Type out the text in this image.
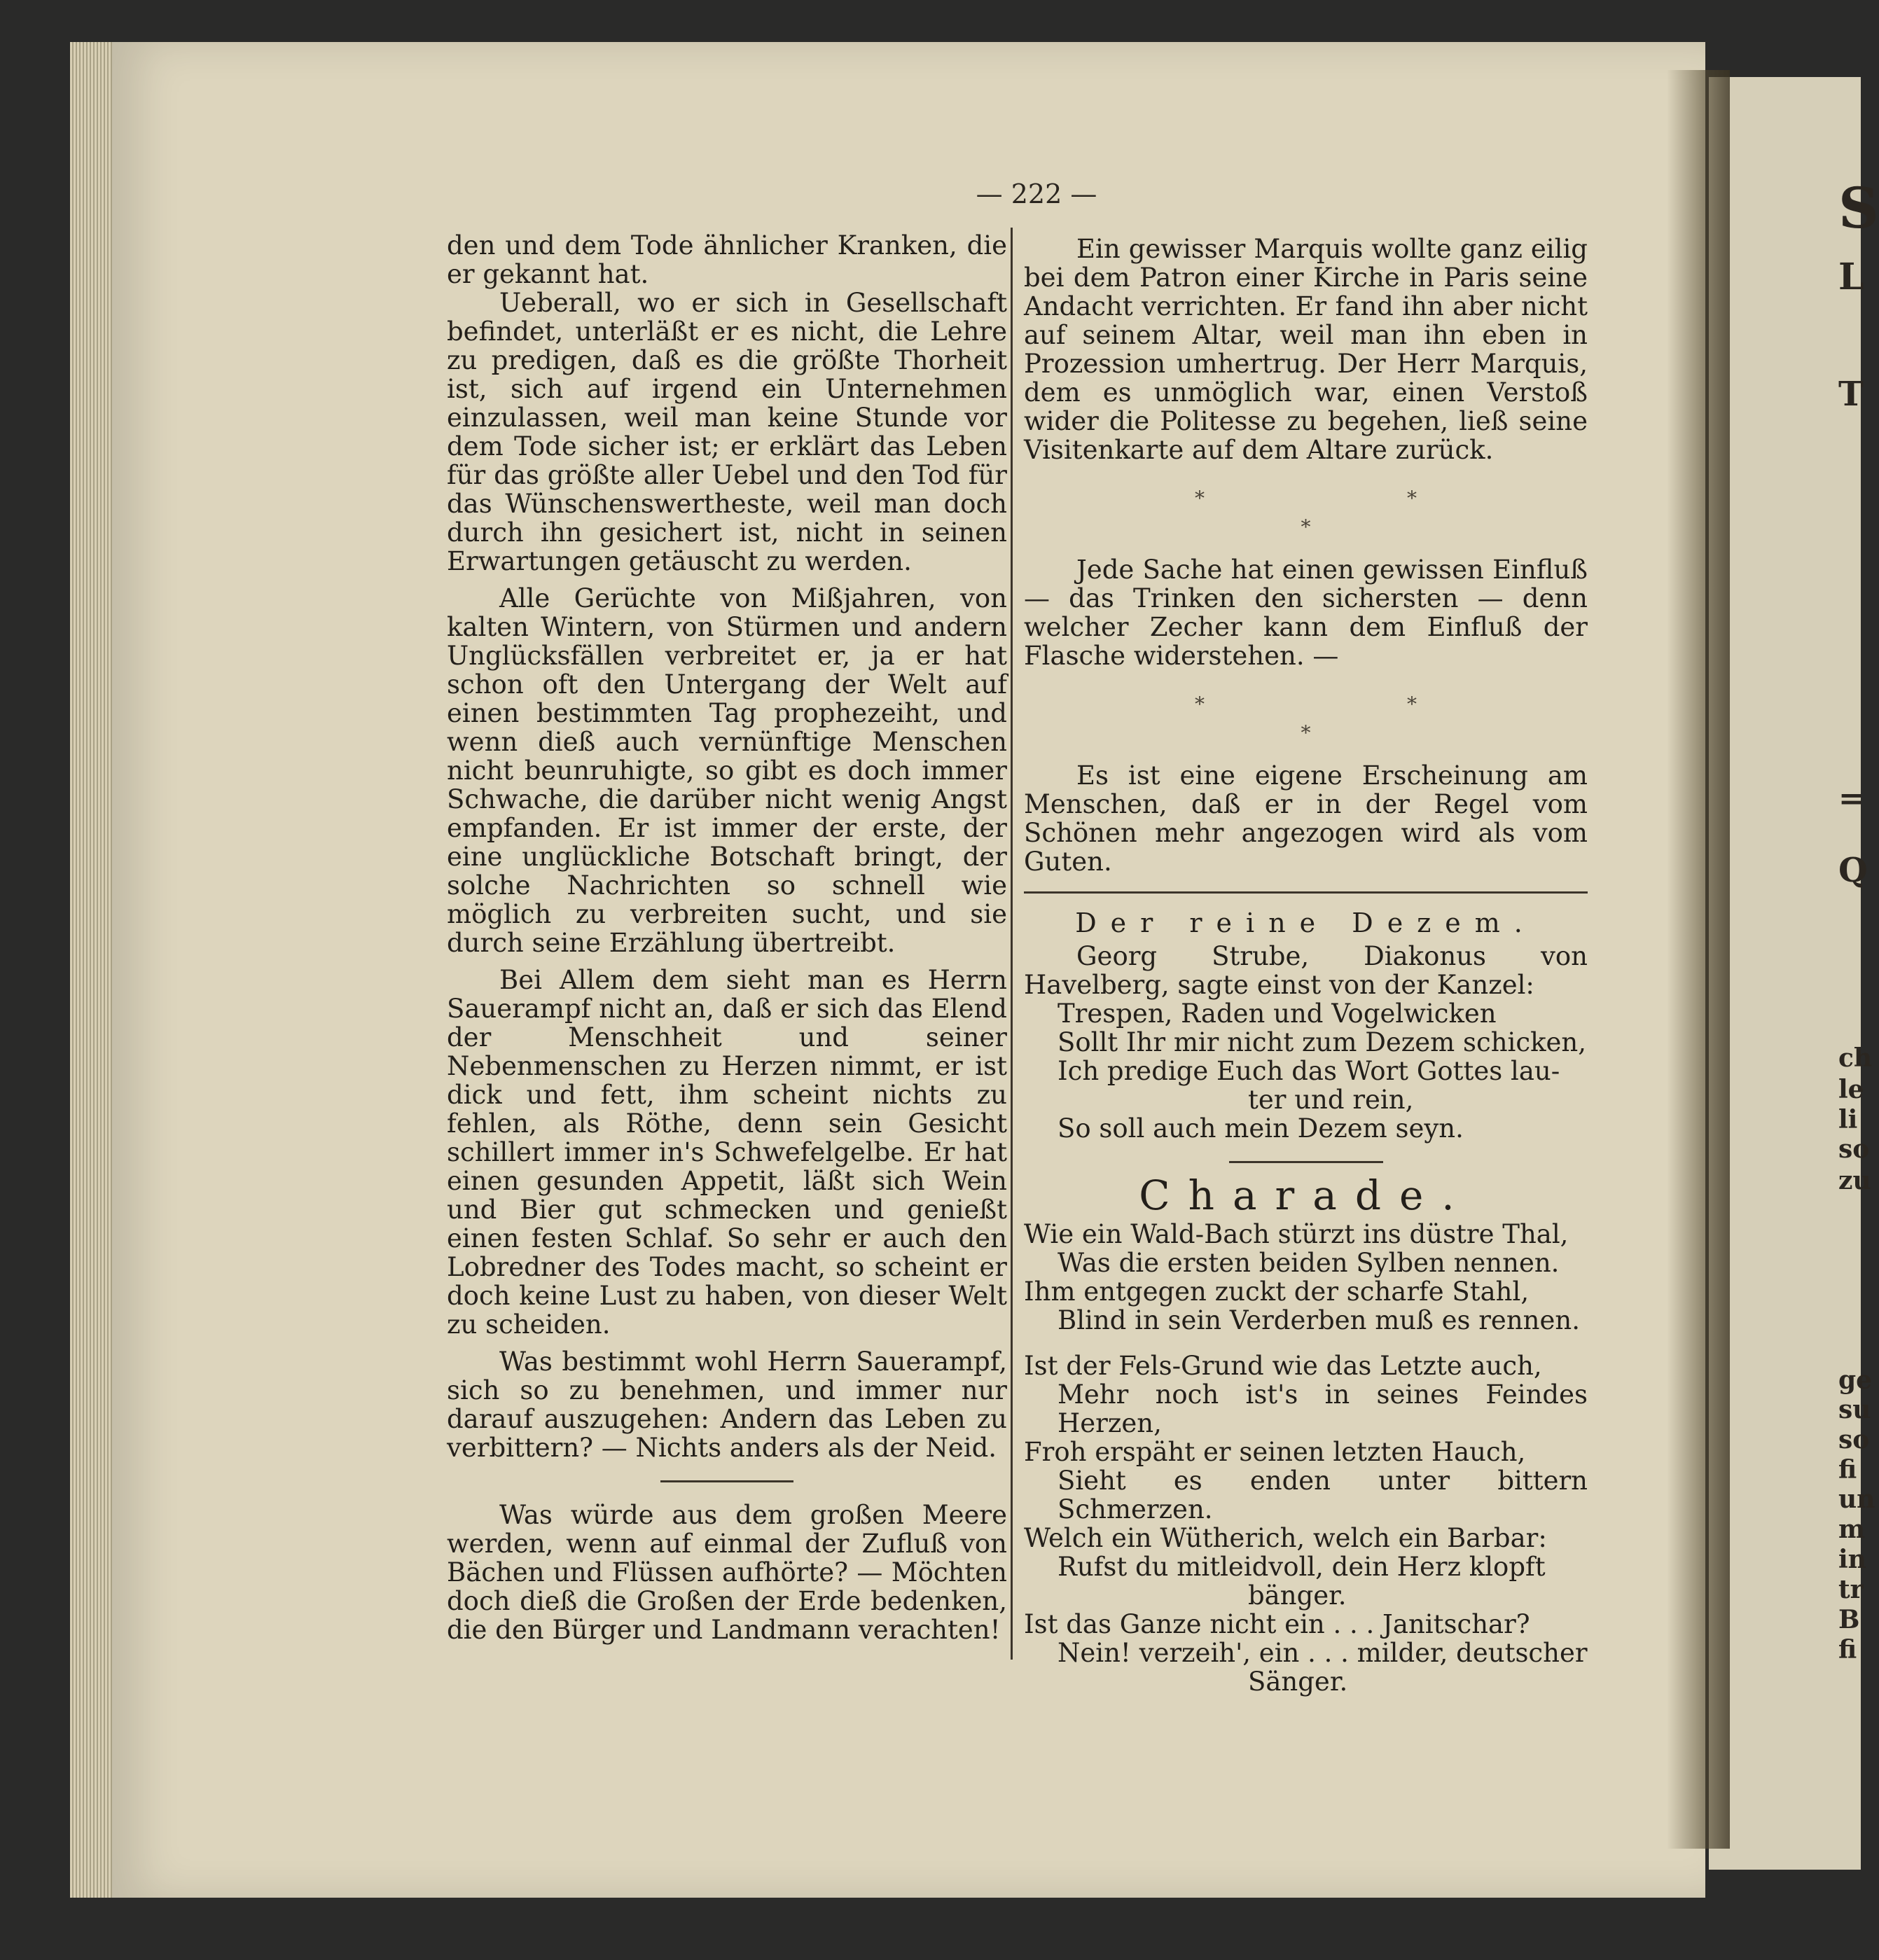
S
L
T
=
Q
ch
le
li
so
zu
ge
su
so
fi
un
m
in
tr
B
fi
— 222 —

den und dem Tode ähnlicher Kranken, die er gekannt hat.

Ueberall, wo er sich in Gesellschaft befindet, unterläßt er es nicht, die Lehre zu predigen, daß es die größte Thorheit ist, sich auf irgend ein Unternehmen einzulassen, weil man keine Stunde vor dem Tode sicher ist; er erklärt das Leben für das größte aller Uebel und den Tod für das Wünschenswertheste, weil man doch durch ihn gesichert ist, nicht in seinen Erwartungen getäuscht zu werden.

Alle Gerüchte von Mißjahren, von kalten Wintern, von Stürmen und andern Unglücksfällen verbreitet er, ja er hat schon oft den Untergang der Welt auf einen bestimmten Tag prophezeiht, und wenn dieß auch vernünftige Menschen nicht beunruhigte, so gibt es doch immer Schwache, die darüber nicht wenig Angst empfanden. Er ist immer der erste, der eine unglückliche Botschaft bringt, der solche Nachrichten so schnell wie möglich zu verbreiten sucht, und sie durch seine Erzählung übertreibt.

Bei Allem dem sieht man es Herrn Sauerampf nicht an, daß er sich das Elend der Menschheit und seiner Nebenmenschen zu Herzen nimmt, er ist dick und fett, ihm scheint nichts zu fehlen, als Röthe, denn sein Gesicht schillert immer in's Schwefelgelbe. Er hat einen gesunden Appetit, läßt sich Wein und Bier gut schmecken und genießt einen festen Schlaf. So sehr er auch den Lobredner des Todes macht, so scheint er doch keine Lust zu haben, von dieser Welt zu scheiden.

Was bestimmt wohl Herrn Sauerampf, sich so zu benehmen, und immer nur darauf auszugehen: Andern das Leben zu verbittern? — Nichts anders als der Neid.

Was würde aus dem großen Meere werden, wenn auf einmal der Zufluß von Bächen und Flüssen aufhörte? — Möchten doch dieß die Großen der Erde bedenken, die den Bürger und Landmann verachten!

Ein gewisser Marquis wollte ganz eilig bei dem Patron einer Kirche in Paris seine Andacht verrichten. Er fand ihn aber nicht auf seinem Altar, weil man ihn eben in Prozession umhertrug. Der Herr Marquis, dem es unmöglich war, einen Verstoß wider die Politesse zu begehen, ließ seine Visitenkarte auf dem Altare zurück.

* * *

Jede Sache hat einen gewissen Einfluß — das Trinken den sichersten — denn welcher Zecher kann dem Einfluß der Flasche widerstehen. —

* * *

Es ist eine eigene Erscheinung am Menschen, daß er in der Regel vom Schönen mehr angezogen wird als vom Guten.

Der reine Dezem.

Georg Strube, Diakonus von Havelberg, sagte einst von der Kanzel:

Trespen, Raden und Vogelwicken

Sollt Ihr mir nicht zum Dezem schicken,

Ich predige Euch das Wort Gottes lau-

ter und rein,

So soll auch mein Dezem seyn.

Charade.

Wie ein Wald-Bach stürzt ins düstre Thal,

Was die ersten beiden Sylben nennen.

Ihm entgegen zuckt der scharfe Stahl,

Blind in sein Verderben muß es rennen.

Ist der Fels-Grund wie das Letzte auch,

Mehr noch ist's in seines Feindes Herzen,

Froh erspäht er seinen letzten Hauch,

Sieht es enden unter bittern Schmerzen.

Welch ein Wütherich, welch ein Barbar:

Rufst du mitleidvoll, dein Herz klopft

bänger.

Ist das Ganze nicht ein . . . Janitschar?

Nein! verzeih', ein . . . milder, deutscher

Sänger.
